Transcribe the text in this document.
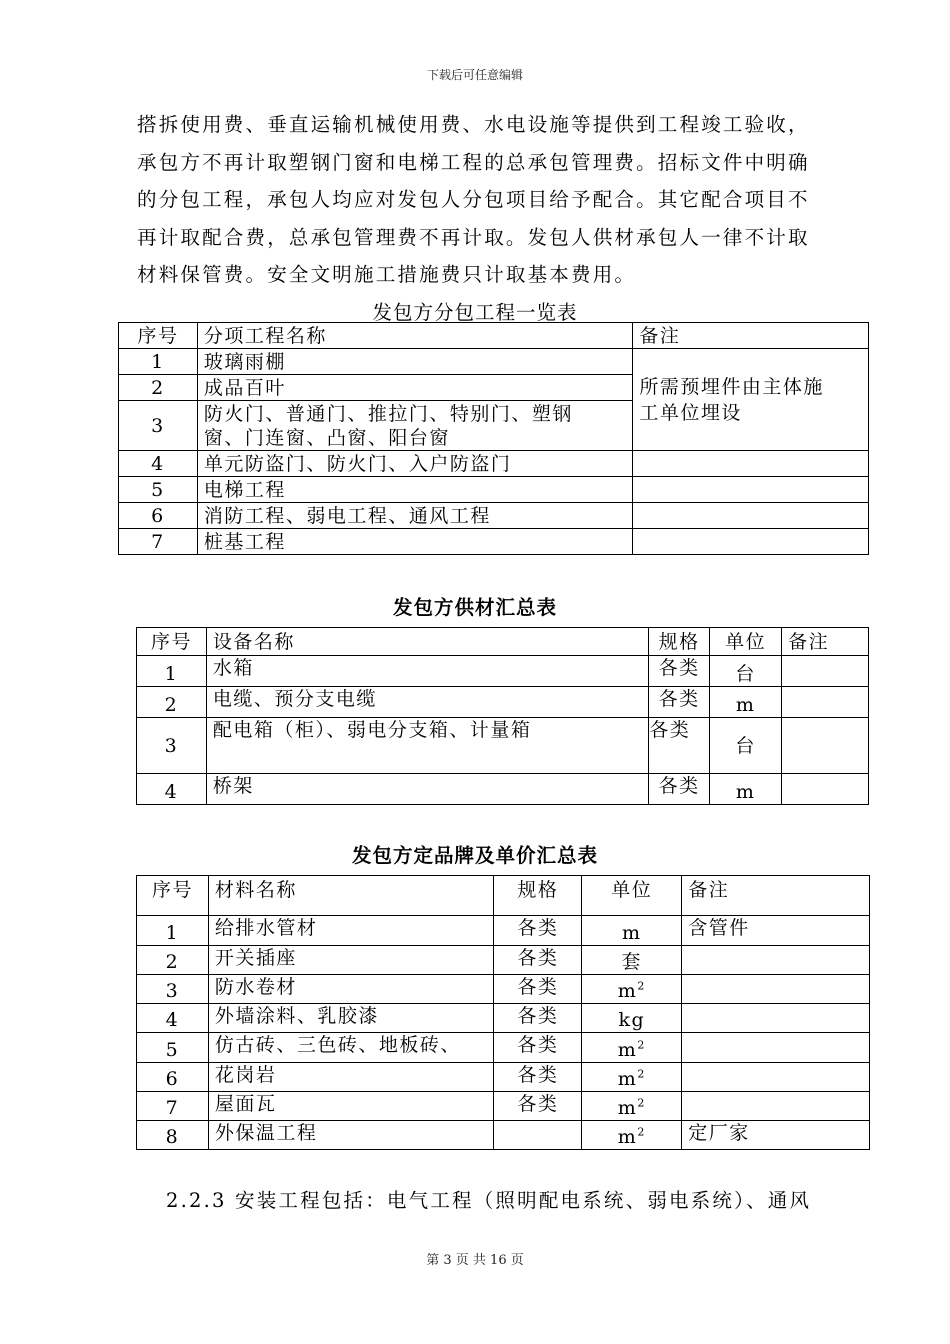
下载后可任意编辑
搭拆使用费、垂直运输机械使用费、水电设施等提供到工程竣工验收，
承包方不再计取塑钢门窗和电梯工程的总承包管理费。招标文件中明确
的分包工程，承包人均应对发包人分包项目给予配合。其它配合项目不
再计取配合费，总承包管理费不再计取。发包人供材承包人一律不计取
材料保管费。安全文明施工措施费只计取基本费用。
发包方分包工程一览表
序号	分项工程名称	备注
1	玻璃雨棚	所需预埋件由主体施
工单位埋设

2	成品百叶	
3	防火门、普通门、推拉门、特别门、塑钢
窗、门连窗、凸窗、阳台窗	

4	单元防盗门、防火门、入户防盗门	
5	电梯工程	
6	消防工程、弱电工程、通风工程	
7	桩基工程	
发包方供材汇总表
序号	设备名称	规格	单位	备注
1	水箱	各类	台	
2	电缆、预分支电缆	各类	m	
3	配电箱（柜）、弱电分支箱、计量箱	各类	台	
4	桥架	各类	m	
发包方定品牌及单价汇总表
序号	材料名称	规格	单位	备注
1	给排水管材	各类	m	含管件
2	开关插座	各类	套	
3	防水卷材	各类	$m^2$	
4	外墙涂料、乳胶漆	各类	kg	
5	仿古砖、三色砖、地板砖、	各类	$m^2$	
6	花岗岩	各类	$m^2$	
7	屋面瓦	各类	$m^2$	
8	外保温工程		$m^2$	定厂家
2.2.3 安装工程包括：电气工程（照明配电系统、弱电系统）、通风
第 3 页 共 16 页
